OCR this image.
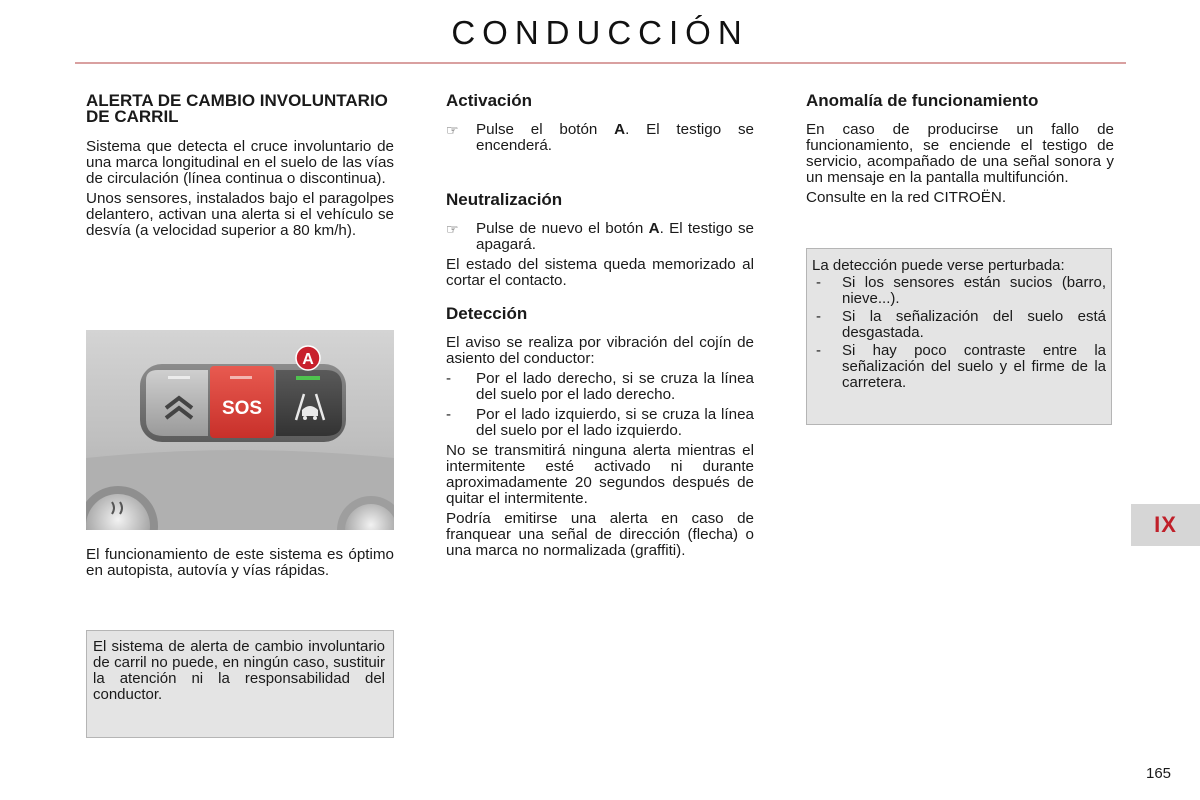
CONDUCCIÓN
ALERTA DE CAMBIO INVOLUNTARIO DE CARRIL
Sistema que detecta el cruce involuntario de una marca longitudinal en el suelo de las vías de circulación (línea continua o discontinua).
Unos sensores, instalados bajo el paragolpes delantero, activan una alerta si el vehículo se desvía (a velocidad superior a 80 km/h).
SOS
A
El funcionamiento de este sistema es óptimo en autopista, autovía y vías rápidas.
El sistema de alerta de cambio involuntario de carril no puede, en ningún caso, sustituir la atención ni la responsabilidad del conductor.
Activación
☞	Pulse el botón A. El testigo se encenderá.
Neutralización
☞	Pulse de nuevo el botón A. El testigo se apagará.
El estado del sistema queda memorizado al cortar el contacto.
Detección
El aviso se realiza por vibración del cojín de asiento del conductor:
-	Por el lado derecho, si se cruza la línea del suelo por el lado derecho.
-	Por el lado izquierdo, si se cruza la línea del suelo por el lado izquierdo.
No se transmitirá ninguna alerta mientras el intermitente esté activado ni durante aproximadamente 20 segundos después de quitar el intermitente.
Podría emitirse una alerta en caso de franquear una señal de dirección (flecha) o una marca no normalizada (graffiti).
Anomalía de funcionamiento
En caso de producirse un fallo de funcionamiento, se enciende el testigo de servicio, acompañado de una señal sonora y un mensaje en la pantalla multifunción.
Consulte en la red CITROËN.
La detección puede verse perturbada:
-	Si los sensores están sucios (barro, nieve...).
-	Si la señalización del suelo está desgastada.
-	Si hay poco contraste entre la señalización del suelo y el firme de la carretera.
IX
165
